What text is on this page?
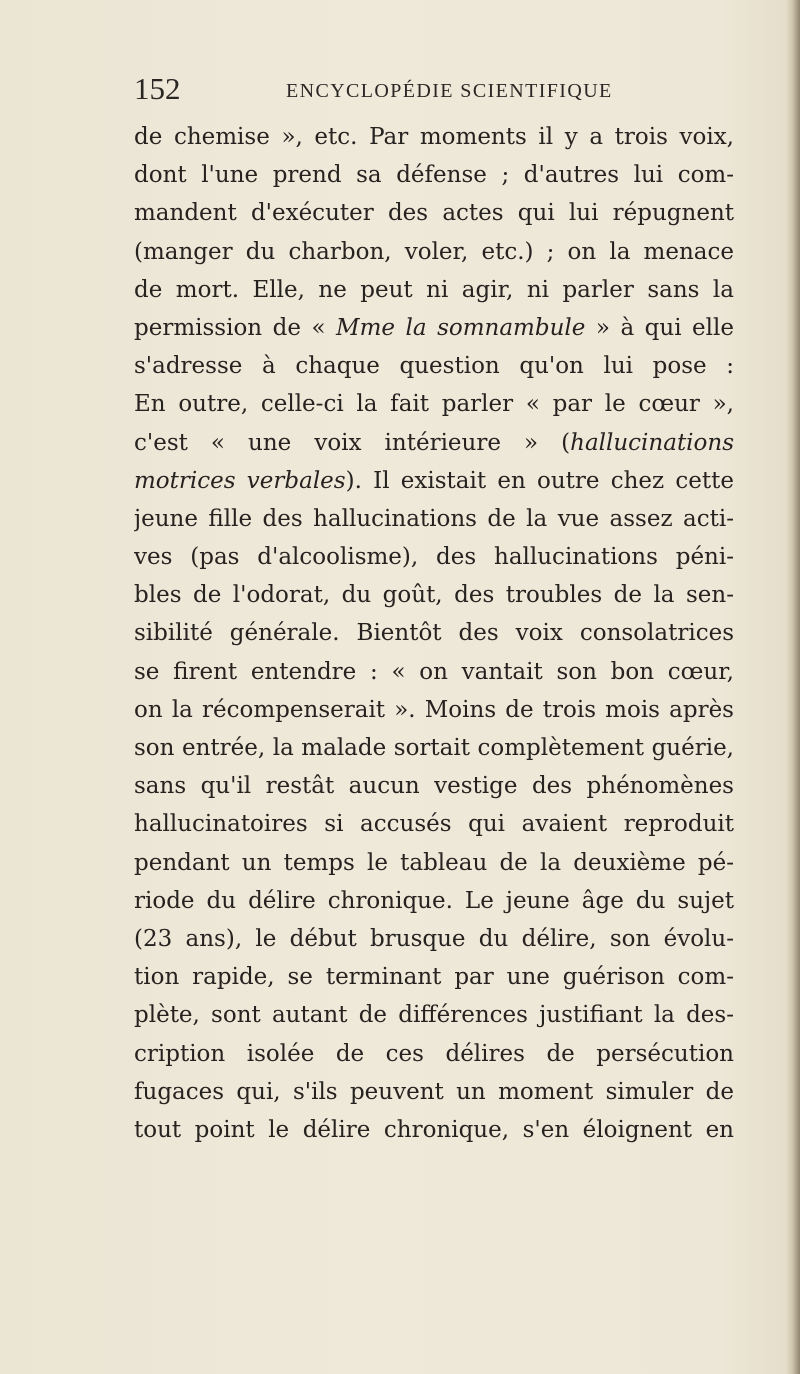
152	ENCYCLOPÉDIE SCIENTIFIQUE
de chemise », etc. Par moments il y a trois voix,
dont l'une prend sa défense ; d'autres lui com-
mandent d'exécuter des actes qui lui répugnent
(manger du charbon, voler, etc.) ; on la menace
de mort. Elle, ne peut ni agir, ni parler sans la
permission de « Mme la somnambule » à qui elle
s'adresse à chaque question qu'on lui pose :
En outre, celle-ci la fait parler « par le cœur »,
c'est « une voix intérieure » (hallucinations
motrices verbales). Il existait en outre chez cette
jeune fille des hallucinations de la vue assez acti-
ves (pas d'alcoolisme), des hallucinations péni-
bles de l'odorat, du goût, des troubles de la sen-
sibilité générale. Bientôt des voix consolatrices
se firent entendre : « on vantait son bon cœur,
on la récompenserait ». Moins de trois mois après
son entrée, la malade sortait complètement guérie,
sans qu'il restât aucun vestige des phénomènes
hallucinatoires si accusés qui avaient reproduit
pendant un temps le tableau de la deuxième pé-
riode du délire chronique. Le jeune âge du sujet
(23 ans), le début brusque du délire, son évolu-
tion rapide, se terminant par une guérison com-
plète, sont autant de différences justifiant la des-
cription isolée de ces délires de persécution
fugaces qui, s'ils peuvent un moment simuler de
tout point le délire chronique, s'en éloignent en
